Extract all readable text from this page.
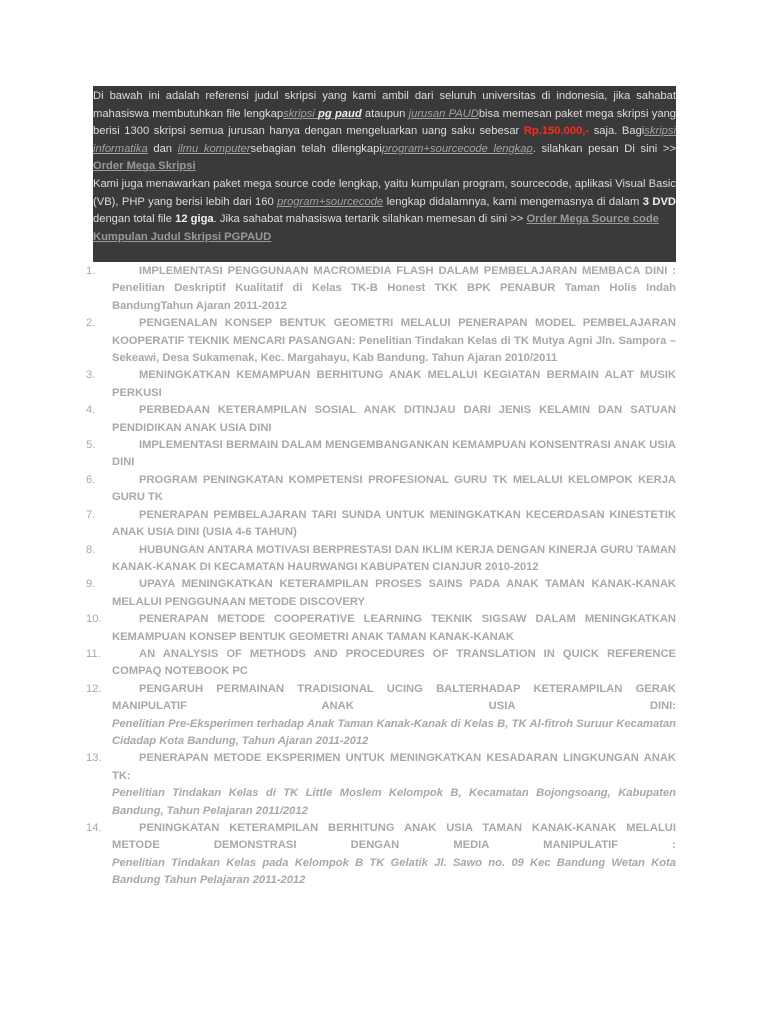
Di bawah ini adalah referensi judul skripsi yang kami ambil dari seluruh universitas di indonesia, jika sahabat mahasiswa membutuhkan file lengkapskripsi pg paud ataupun jurusan PAUDbisa memesan paket mega skripsi yang berisi 1300 skripsi semua jurusan hanya dengan mengeluarkan uang saku sebesar Rp.150.000,- saja. Bagiskripsi informatika dan ilmu komputersebagian telah dilengkapiprogram+sourcecode lengkap. silahkan pesan Di sini >> Order Mega Skripsi
Kami juga menawarkan paket mega source code lengkap, yaitu kumpulan program, sourcecode, aplikasi Visual Basic (VB), PHP yang berisi lebih dari 160 program+sourcecode lengkap didalamnya, kami mengemasnya di dalam 3 DVD dengan total file 12 giga. Jika sahabat mahasiswa tertarik silahkan memesan di sini >> Order Mega Source code
Kumpulan Judul Skripsi PGPAUD
1.	IMPLEMENTASI PENGGUNAAN MACROMEDIA FLASH DALAM PEMBELAJARAN MEMBACA DINI : Penelitian Deskriptif Kualitatif di Kelas TK-B Honest TKK BPK PENABUR Taman Holis Indah BandungTahun Ajaran 2011-2012
2.	PENGENALAN KONSEP BENTUK GEOMETRI MELALUI PENERAPAN MODEL PEMBELAJARAN KOOPERATIF TEKNIK MENCARI PASANGAN: Penelitian Tindakan Kelas di TK Mutya Agni Jln. Sampora – Sekeawi, Desa Sukamenak, Kec. Margahayu, Kab Bandung. Tahun Ajaran 2010/2011
3.	MENINGKATKAN KEMAMPUAN BERHITUNG ANAK MELALUI KEGIATAN BERMAIN ALAT MUSIK PERKUSI
4.	PERBEDAAN KETERAMPILAN SOSIAL ANAK DITINJAU DARI JENIS KELAMIN DAN SATUAN PENDIDIKAN ANAK USIA DINI
5.	IMPLEMENTASI BERMAIN DALAM MENGEMBANGANKAN KEMAMPUAN KONSENTRASI ANAK USIA DINI
6.	PROGRAM PENINGKATAN KOMPETENSI PROFESIONAL GURU TK MELALUI KELOMPOK KERJA GURU TK
7.	PENERAPAN PEMBELAJARAN TARI SUNDA UNTUK MENINGKATKAN KECERDASAN KINESTETIK ANAK USIA DINI (USIA 4-6 TAHUN)
8.	HUBUNGAN ANTARA MOTIVASI BERPRESTASI DAN IKLIM KERJA DENGAN KINERJA GURU TAMAN KANAK-KANAK DI KECAMATAN HAURWANGI KABUPATEN CIANJUR 2010-2012
9.	UPAYA MENINGKATKAN KETERAMPILAN PROSES SAINS PADA ANAK TAMAN KANAK-KANAK MELALUI PENGGUNAAN METODE DISCOVERY
10.	PENERAPAN METODE COOPERATIVE LEARNING TEKNIK SIGSAW DALAM MENINGKATKAN KEMAMPUAN KONSEP BENTUK GEOMETRI ANAK TAMAN KANAK-KANAK
11.	AN ANALYSIS OF METHODS AND PROCEDURES OF TRANSLATION IN QUICK REFERENCE COMPAQ NOTEBOOK PC
12.	PENGARUH PERMAINAN TRADISIONAL UCING BALTERHADAP KETERAMPILAN GERAK MANIPULATIF ANAK USIA DINI:
Penelitian Pre-Eksperimen terhadap Anak Taman Kanak-Kanak di Kelas B, TK Al-fitroh Suruur Kecamatan Cidadap Kota Bandung, Tahun Ajaran 2011-2012
13.	PENERAPAN METODE EKSPERIMEN UNTUK MENINGKATKAN KESADARAN LINGKUNGAN ANAK TK:
Penelitian Tindakan Kelas di TK Little Moslem Kelompok B, Kecamatan Bojongsoang, Kabupaten Bandung, Tahun Pelajaran 2011/2012
14.	PENINGKATAN KETERAMPILAN BERHITUNG ANAK USIA TAMAN KANAK-KANAK MELALUI METODE DEMONSTRASI DENGAN MEDIA MANIPULATIF :
Penelitian Tindakan Kelas pada Kelompok B TK Gelatik Jl. Sawo no. 09 Kec Bandung Wetan Kota Bandung Tahun Pelajaran 2011-2012
